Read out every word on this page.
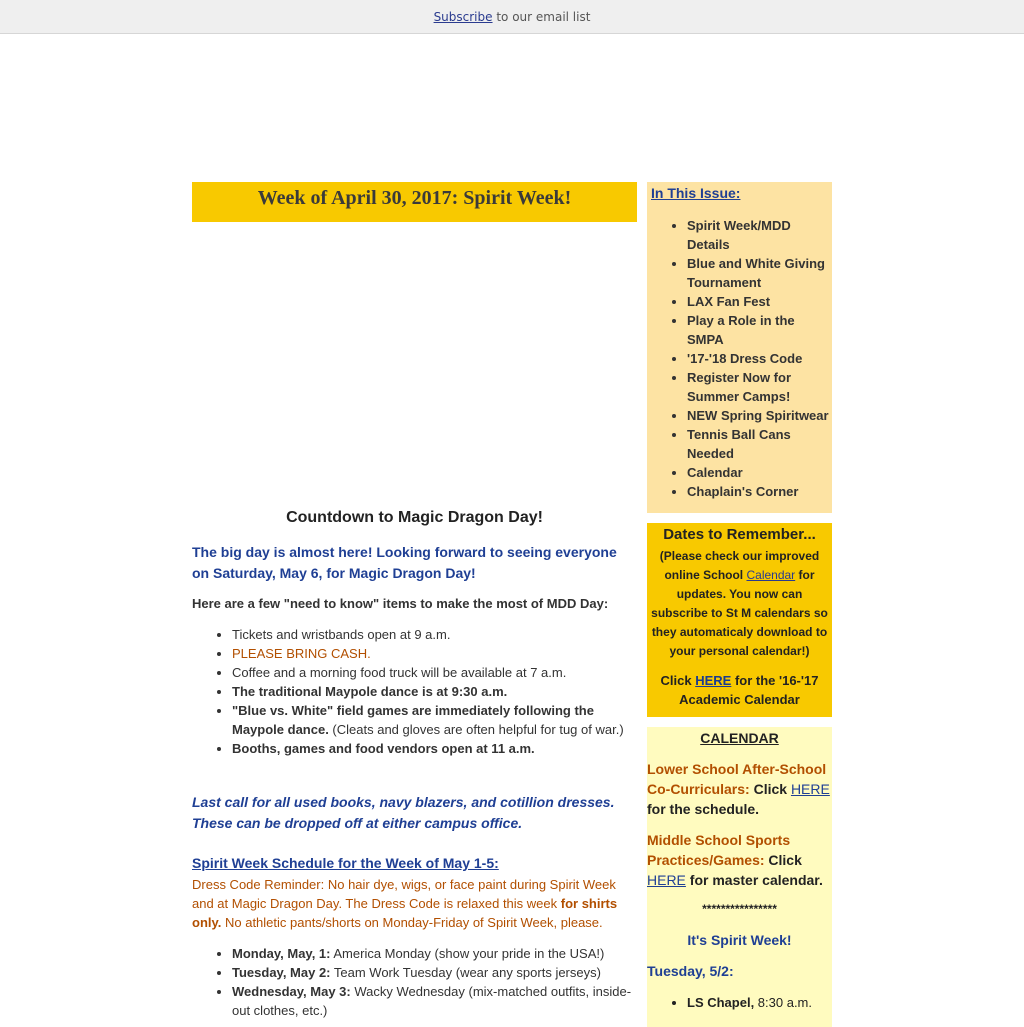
Subscribe to our email list
Week of April 30, 2017: Spirit Week!
Countdown to Magic Dragon Day!

The big day is almost here! Looking forward to seeing everyone on Saturday, May 6, for Magic Dragon Day!

Here are a few "need to know" items to make the most of MDD Day:

• Tickets and wristbands open at 9 a.m.
• PLEASE BRING CASH.
• Coffee and a morning food truck will be available at 7 a.m.
• The traditional Maypole dance is at 9:30 a.m.
• "Blue vs. White" field games are immediately following the Maypole dance. (Cleats and gloves are often helpful for tug of war.)
• Booths, games and food vendors open at 11 a.m.

Last call for all used books, navy blazers, and cotillion dresses. These can be dropped off at either campus office.

Spirit Week Schedule for the Week of May 1-5:

Dress Code Reminder: No hair dye, wigs, or face paint during Spirit Week and at Magic Dragon Day. The Dress Code is relaxed this week for shirts only. No athletic pants/shorts on Monday-Friday of Spirit Week, please.

• Monday, May, 1: America Monday (show your pride in the USA!)
• Tuesday, May 2: Team Work Tuesday (wear any sports jerseys)
• Wednesday, May 3: Wacky Wednesday (mix-matched outfits, inside-out clothes, etc.)
In This Issue:
• Spirit Week/MDD Details
• Blue and White Giving Tournament
• LAX Fan Fest
• Play a Role in the SMPA
• '17-'18 Dress Code
• Register Now for Summer Camps!
• NEW Spring Spiritwear
• Tennis Ball Cans Needed
• Calendar
• Chaplain's Corner
Dates to Remember...
(Please check our improved online School Calendar for updates. You now can subscribe to St M calendars so they automaticaly download to your personal calendar!)
Click HERE for the '16-'17 Academic Calendar
CALENDAR
Lower School After-School Co-Curriculars: Click HERE for the schedule.
Middle School Sports Practices/Games: Click HERE for master calendar.
****************
It's Spirit Week!
Tuesday, 5/2:
• LS Chapel, 8:30 a.m.
